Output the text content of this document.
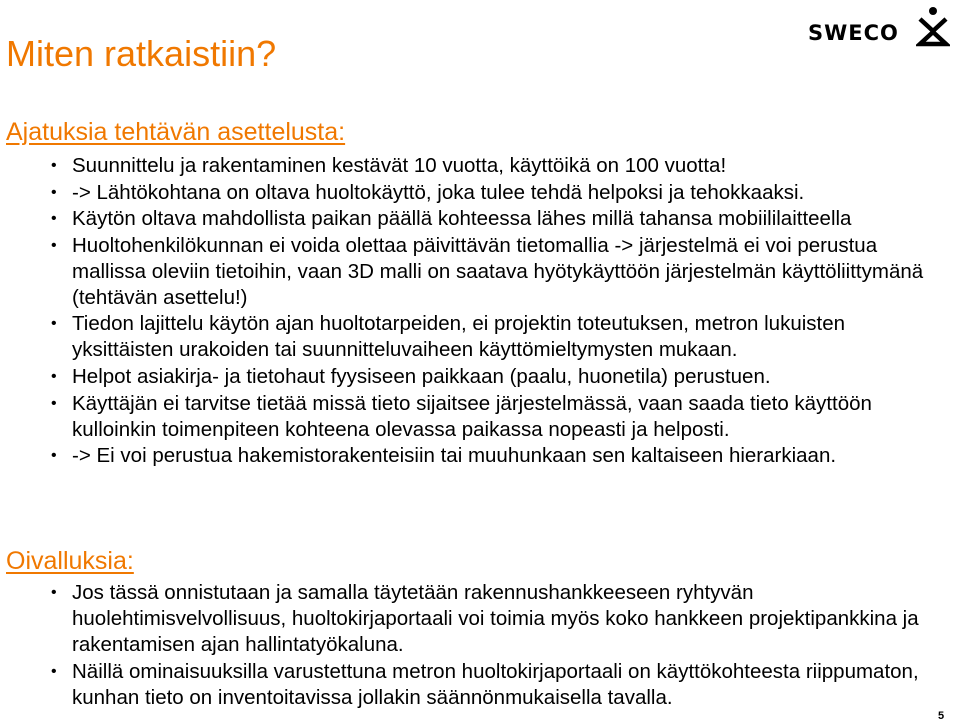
Miten ratkaistiin?	SWECO
Ajatuksia tehtävän asettelusta:
• Suunnittelu ja rakentaminen kestävät 10 vuotta, käyttöikä on 100 vuotta!
• -> Lähtökohtana on oltava huoltokäyttö, joka tulee tehdä helpoksi ja tehokkaaksi.
• Käytön oltava mahdollista paikan päällä kohteessa lähes millä tahansa mobiililaitteella
• Huoltohenkilökunnan ei voida olettaa päivittävän tietomallia -> järjestelmä ei voi perustua mallissa oleviin tietoihin, vaan 3D malli on saatava hyötykäyttöön järjestelmän käyttöliittymänä (tehtävän asettelu!)
• Tiedon lajittelu käytön ajan huoltotarpeiden, ei projektin toteutuksen, metron lukuisten yksittäisten urakoiden tai suunnitteluvaiheen käyttömieltymysten mukaan.
• Helpot asiakirja- ja tietohaut fyysiseen paikkaan (paalu, huonetila) perustuen.
• Käyttäjän ei tarvitse tietää missä tieto sijaitsee järjestelmässä, vaan saada tieto käyttöön kulloinkin toimenpiteen kohteena olevassa paikassa nopeasti ja helposti.
• -> Ei voi perustua hakemistorakenteisiin tai muuhunkaan sen kaltaiseen hierarkiaan.
Oivalluksia:
• Jos tässä onnistutaan ja samalla täytetään rakennushankkeeseen ryhtyvän huolehtimisvelvollisuus, huoltokirjaportaali voi toimia myös koko hankkeen projektipankkina ja rakentamisen ajan hallintatyökaluna.
• Näillä ominaisuuksilla varustettuna metron huoltokirjaportaali on käyttökohteesta riippumaton, kunhan tieto on inventoitavissa jollakin säännönmukaisella tavalla.
5
